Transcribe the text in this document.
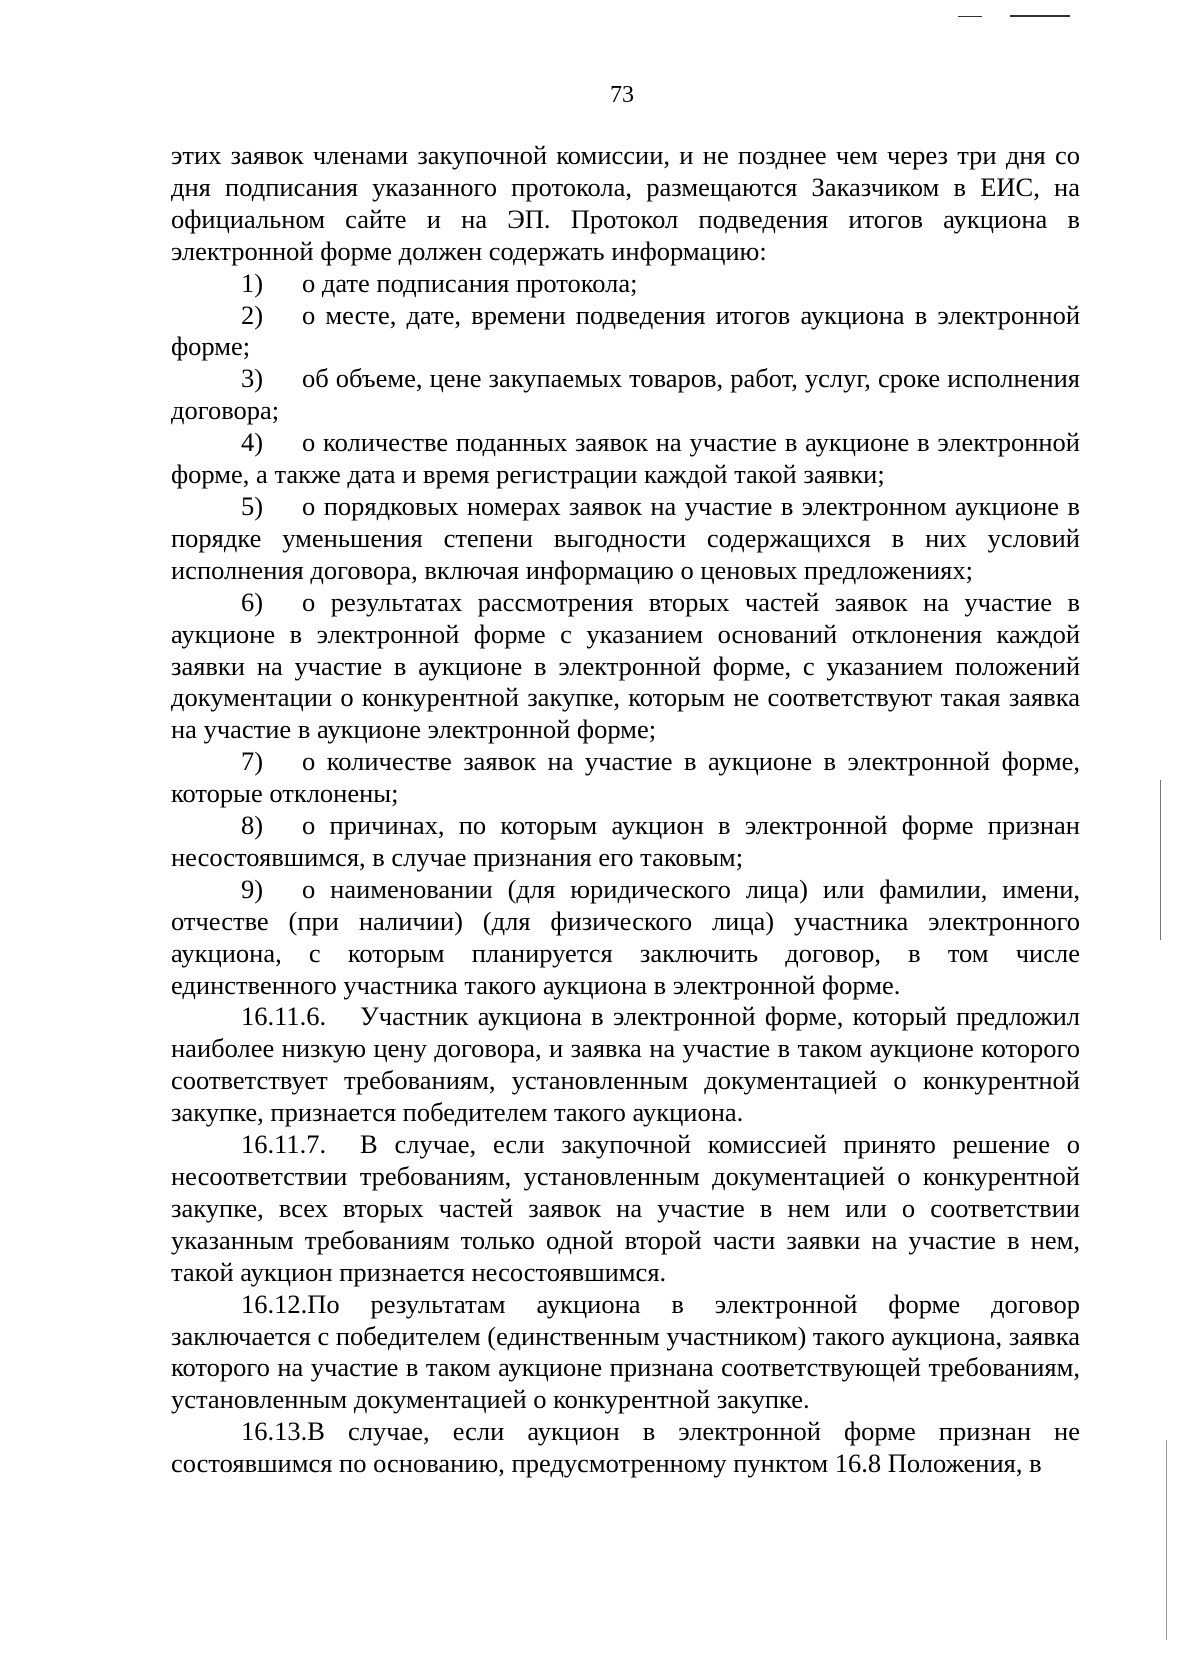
73

этих заявок членами закупочной комиссии, и не позднее чем через три дня со дня подписания указанного протокола, размещаются Заказчиком в ЕИС, на официальном сайте и на ЭП. Протокол подведения итогов аукциона в электронной форме должен содержать информацию:

1) о дате подписания протокола;

2) о месте, дате, времени подведения итогов аукциона в электронной форме;

3) об объеме, цене закупаемых товаров, работ, услуг, сроке исполнения договора;

4) о количестве поданных заявок на участие в аукционе в электронной форме, а также дата и время регистрации каждой такой заявки;

5) о порядковых номерах заявок на участие в электронном аукционе в порядке уменьшения степени выгодности содержащихся в них условий исполнения договора, включая информацию о ценовых предложениях;

6) о результатах рассмотрения вторых частей заявок на участие в аукционе в электронной форме с указанием оснований отклонения каждой заявки на участие в аукционе в электронной форме, с указанием положений документации о конкурентной закупке, которым не соответствуют такая заявка на участие в аукционе электронной форме;

7) о количестве заявок на участие в аукционе в электронной форме, которые отклонены;

8) о причинах, по которым аукцион в электронной форме признан несостоявшимся, в случае признания его таковым;

9) о наименовании (для юридического лица) или фамилии, имени, отчестве (при наличии) (для физического лица) участника электронного аукциона, с которым планируется заключить договор, в том числе единственного участника такого аукциона в электронной форме.

16.11.6. Участник аукциона в электронной форме, который предложил наиболее низкую цену договора, и заявка на участие в таком аукционе которого соответствует требованиям, установленным документацией о конкурентной закупке, признается победителем такого аукциона.

16.11.7. В случае, если закупочной комиссией принято решение о несоответствии требованиям, установленным документацией о конкурентной закупке, всех вторых частей заявок на участие в нем или о соответствии указанным требованиям только одной второй части заявки на участие в нем, такой аукцион признается несостоявшимся.

16.12.По результатам аукциона в электронной форме договор заключается с победителем (единственным участником) такого аукциона, заявка которого на участие в таком аукционе признана соответствующей требованиям, установленным документацией о конкурентной закупке.

16.13.В случае, если аукцион в электронной форме признан не состоявшимся по основанию, предусмотренному пунктом 16.8 Положения, в
